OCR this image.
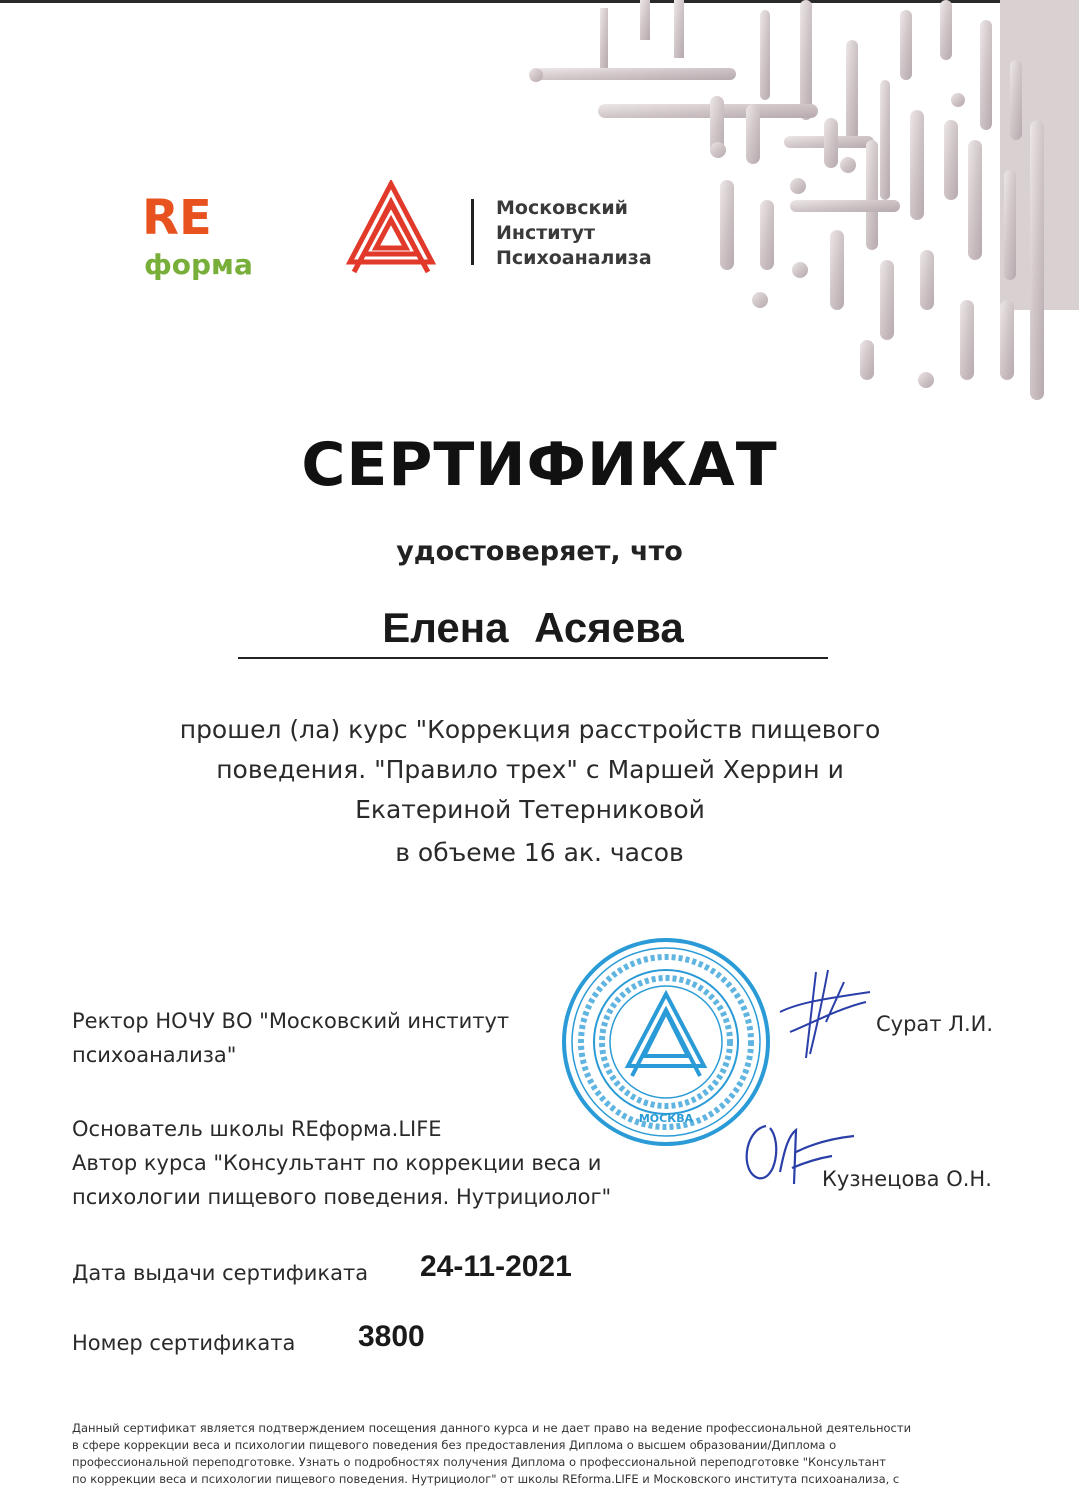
RE
форма
Московский
Институт
Психоанализа
СЕРТИФИКАТ
удостоверяет, что
Елена Асяева
прошел (ла) курс "Коррекция расстройств пищевого
поведения. "Правило трех" с Маршей Херрин и
Екатериной Тетерниковой
в объеме 16 ак. часов
МОСКВА
Ректор НОЧУ ВО "Московский институт
психоанализа"
Сурат Л.И.
Основатель школы REформа.LIFE
Автор курса "Консультант по коррекции веса и
психологии пищевого поведения. Нутрициолог"
Кузнецова О.Н.
Дата выдачи сертификата 24-11-2021
Номер сертификата 3800
Данный сертификат является подтверждением посещения данного курса и не дает право на ведение профессиональной деятельности
в сфере коррекции веса и психологии пищевого поведения без предоставления Диплома о высшем образовании/Диплома о
профессиональной переподготовке. Узнать о подробностях получения Диплома о профессиональной переподготовке "Консультант
по коррекции веса и психологии пищевого поведения. Нутрициолог" от школы REforma.LIFE и Московского института психоанализа, с
